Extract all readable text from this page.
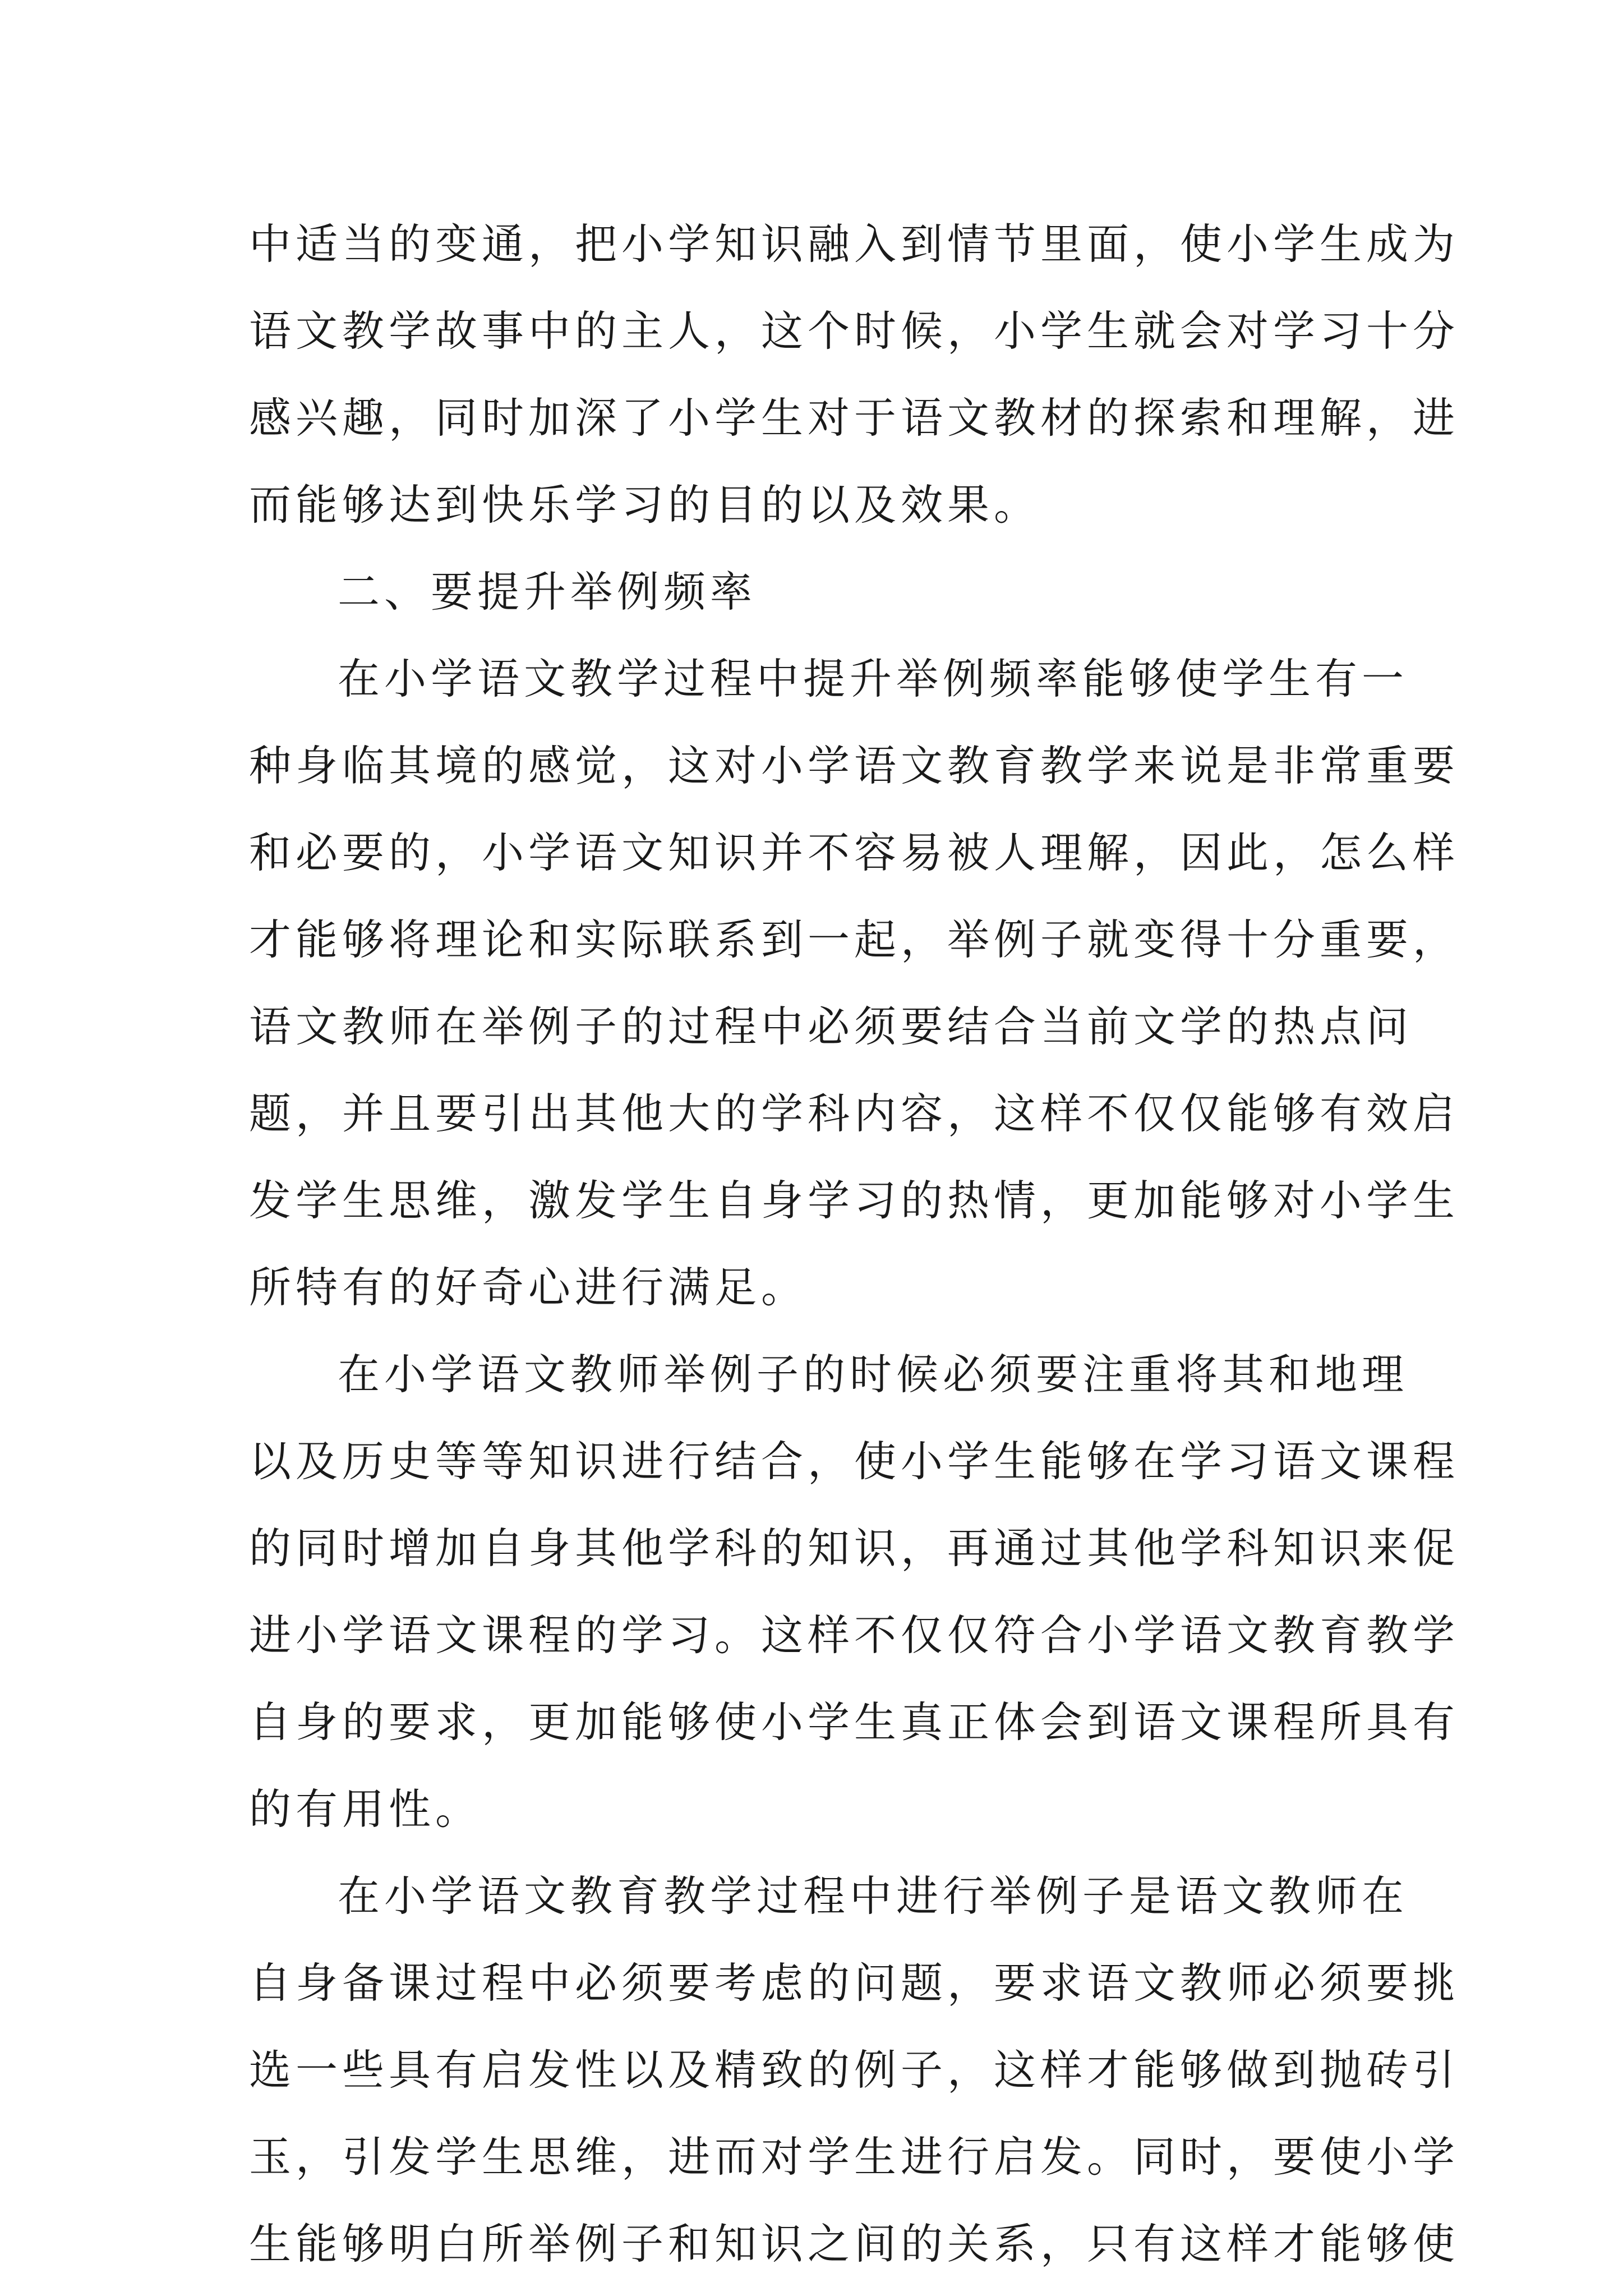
中适当的变通，把小学知识融入到情节里面，使小学生成为
语文教学故事中的主人，这个时候，小学生就会对学习十分
感兴趣，同时加深了小学生对于语文教材的探索和理解，进
而能够达到快乐学习的目的以及效果。
二、要提升举例频率
在小学语文教学过程中提升举例频率能够使学生有一
种身临其境的感觉，这对小学语文教育教学来说是非常重要
和必要的，小学语文知识并不容易被人理解，因此，怎么样
才能够将理论和实际联系到一起，举例子就变得十分重要，
语文教师在举例子的过程中必须要结合当前文学的热点问
题，并且要引出其他大的学科内容，这样不仅仅能够有效启
发学生思维，激发学生自身学习的热情，更加能够对小学生
所特有的好奇心进行满足。
在小学语文教师举例子的时候必须要注重将其和地理
以及历史等等知识进行结合，使小学生能够在学习语文课程
的同时增加自身其他学科的知识，再通过其他学科知识来促
进小学语文课程的学习。这样不仅仅符合小学语文教育教学
自身的要求，更加能够使小学生真正体会到语文课程所具有
的有用性。
在小学语文教育教学过程中进行举例子是语文教师在
自身备课过程中必须要考虑的问题，要求语文教师必须要挑
选一些具有启发性以及精致的例子，这样才能够做到抛砖引
玉，引发学生思维，进而对学生进行启发。同时，要使小学
生能够明白所举例子和知识之间的关系，只有这样才能够使
